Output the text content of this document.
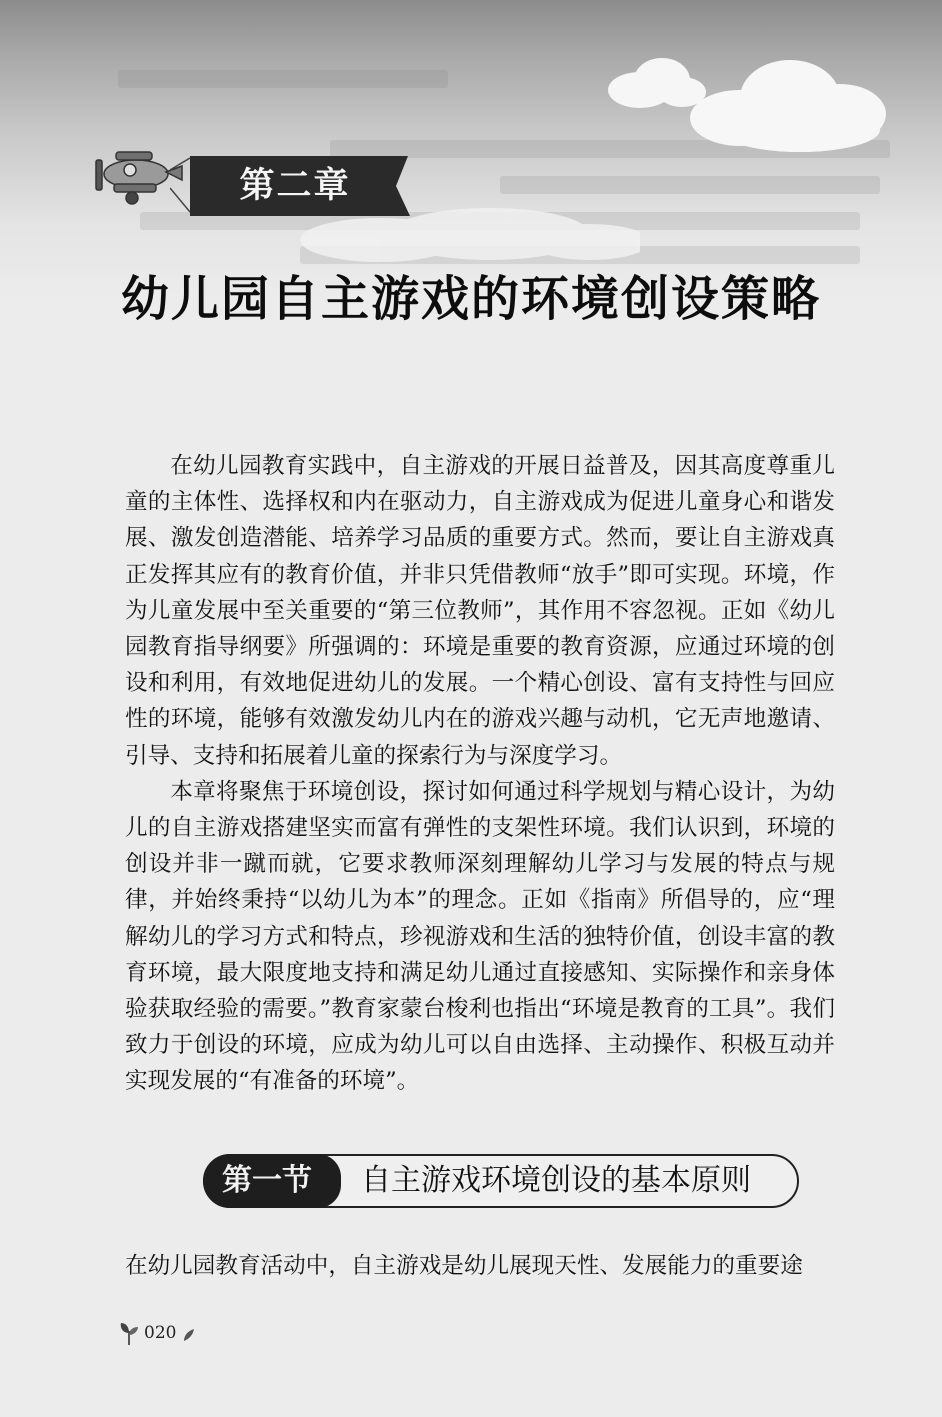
第二章
幼儿园自主游戏的环境创设策略

在幼儿园教育实践中，自主游戏的开展日益普及，因其高度尊重儿童的主体性、选择权和内在驱动力，自主游戏成为促进儿童身心和谐发展、激发创造潜能、培养学习品质的重要方式。然而，要让自主游戏真正发挥其应有的教育价值，并非只凭借教师“放手”即可实现。环境，作为儿童发展中至关重要的“第三位教师”，其作用不容忽视。正如《幼儿园教育指导纲要》所强调的：环境是重要的教育资源，应通过环境的创设和利用，有效地促进幼儿的发展。一个精心创设、富有支持性与回应性的环境，能够有效激发幼儿内在的游戏兴趣与动机，它无声地邀请、引导、支持和拓展着儿童的探索行为与深度学习。

本章将聚焦于环境创设，探讨如何通过科学规划与精心设计，为幼儿的自主游戏搭建坚实而富有弹性的支架性环境。我们认识到，环境的创设并非一蹴而就，它要求教师深刻理解幼儿学习与发展的特点与规律，并始终秉持“以幼儿为本”的理念。正如《指南》所倡导的，应“理解幼儿的学习方式和特点，珍视游戏和生活的独特价值，创设丰富的教育环境，最大限度地支持和满足幼儿通过直接感知、实际操作和亲身体验获取经验的需要。”教育家蒙台梭利也指出“环境是教育的工具”。我们致力于创设的环境，应成为幼儿可以自由选择、主动操作、积极互动并实现发展的“有准备的环境”。

第一节	自主游戏环境创设的基本原则
在幼儿园教育活动中，自主游戏是幼儿展现天性、发展能力的重要途
020
